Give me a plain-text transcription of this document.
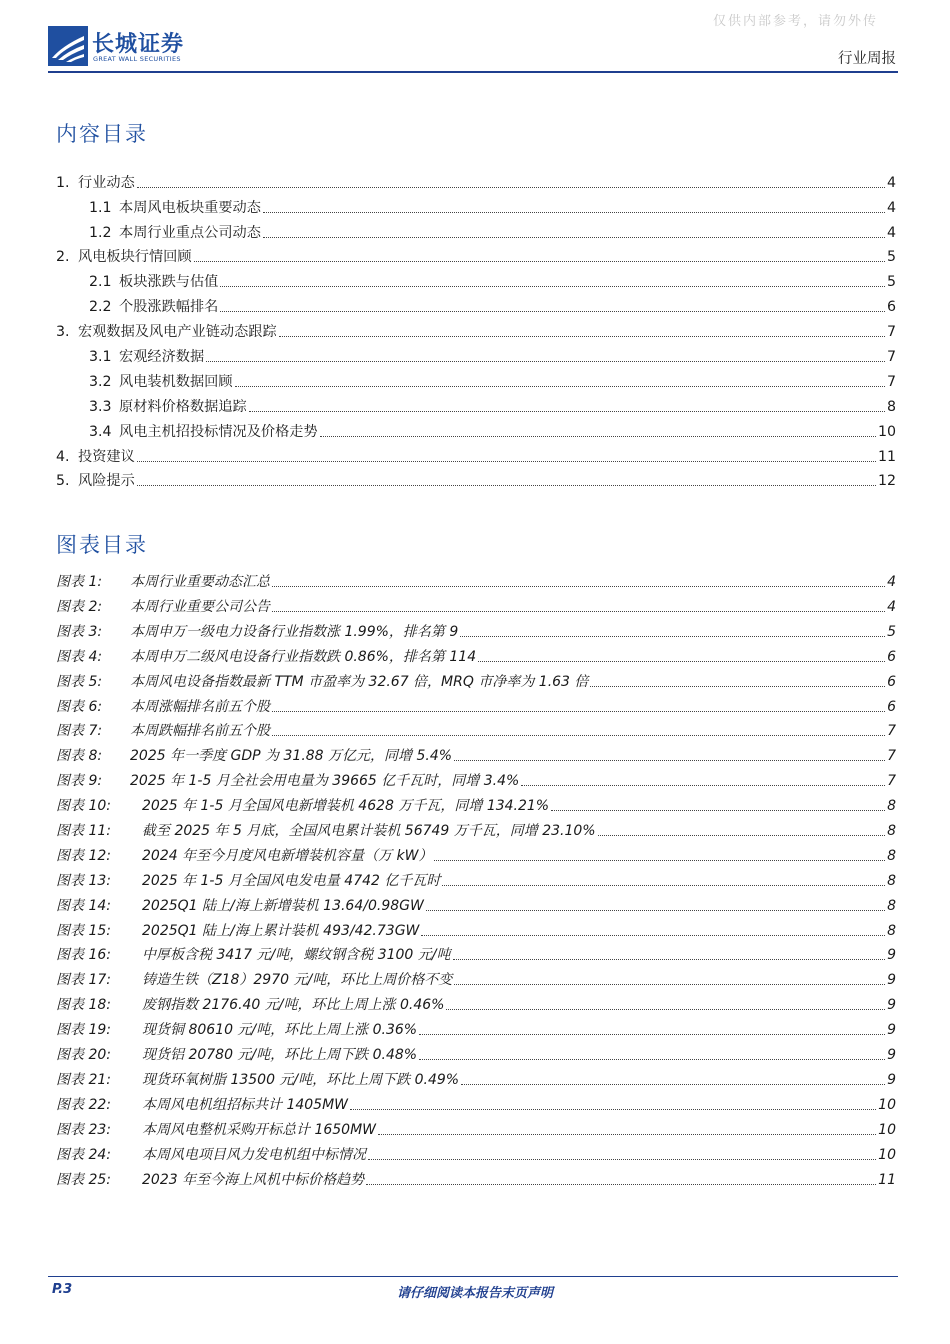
仅供内部参考，请勿外传
长城证券
GREAT WALL SECURITIES	行业周报
内容目录
1. 行业动态	4
1.1 本周风电板块重要动态	4
1.2 本周行业重点公司动态	4
2. 风电板块行情回顾	5
2.1 板块涨跌与估值	5
2.2 个股涨跌幅排名	6
3. 宏观数据及风电产业链动态跟踪	7
3.1 宏观经济数据	7
3.2 风电装机数据回顾	7
3.3 原材料价格数据追踪	8
3.4 风电主机招投标情况及价格走势	10
4. 投资建议	11
5. 风险提示	12
图表目录
图表 1:	本周行业重要动态汇总	4
图表 2:	本周行业重要公司公告	4
图表 3:	本周申万一级电力设备行业指数涨 1.99%，排名第 9	5
图表 4:	本周申万二级风电设备行业指数跌 0.86%，排名第 114	6
图表 5:	本周风电设备指数最新 TTM 市盈率为 32.67 倍，MRQ 市净率为 1.63 倍	6
图表 6:	本周涨幅排名前五个股	6
图表 7:	本周跌幅排名前五个股	7
图表 8:	2025 年一季度 GDP 为 31.88 万亿元，同增 5.4%	7
图表 9:	2025 年 1-5 月全社会用电量为 39665 亿千瓦时，同增 3.4%	7
图表 10:	2025 年 1-5 月全国风电新增装机 4628 万千瓦，同增 134.21%	8
图表 11:	截至 2025 年 5 月底，全国风电累计装机 56749 万千瓦，同增 23.10%	8
图表 12:	2024 年至今月度风电新增装机容量（万 kW）	8
图表 13:	2025 年 1-5 月全国风电发电量 4742 亿千瓦时	8
图表 14:	2025Q1 陆上/海上新增装机 13.64/0.98GW	8
图表 15:	2025Q1 陆上/海上累计装机 493/42.73GW	8
图表 16:	中厚板含税 3417 元/吨，螺纹钢含税 3100 元/吨	9
图表 17:	铸造生铁（Z18）2970 元/吨，环比上周价格不变	9
图表 18:	废钢指数 2176.40 元/吨，环比上周上涨 0.46%	9
图表 19:	现货铜 80610 元/吨，环比上周上涨 0.36%	9
图表 20:	现货铝 20780 元/吨，环比上周下跌 0.48%	9
图表 21:	现货环氧树脂 13500 元/吨，环比上周下跌 0.49%	9
图表 22:	本周风电机组招标共计 1405MW	10
图表 23:	本周风电整机采购开标总计 1650MW	10
图表 24:	本周风电项目风力发电机组中标情况	10
图表 25:	2023 年至今海上风机中标价格趋势	11
P.3	请仔细阅读本报告末页声明
